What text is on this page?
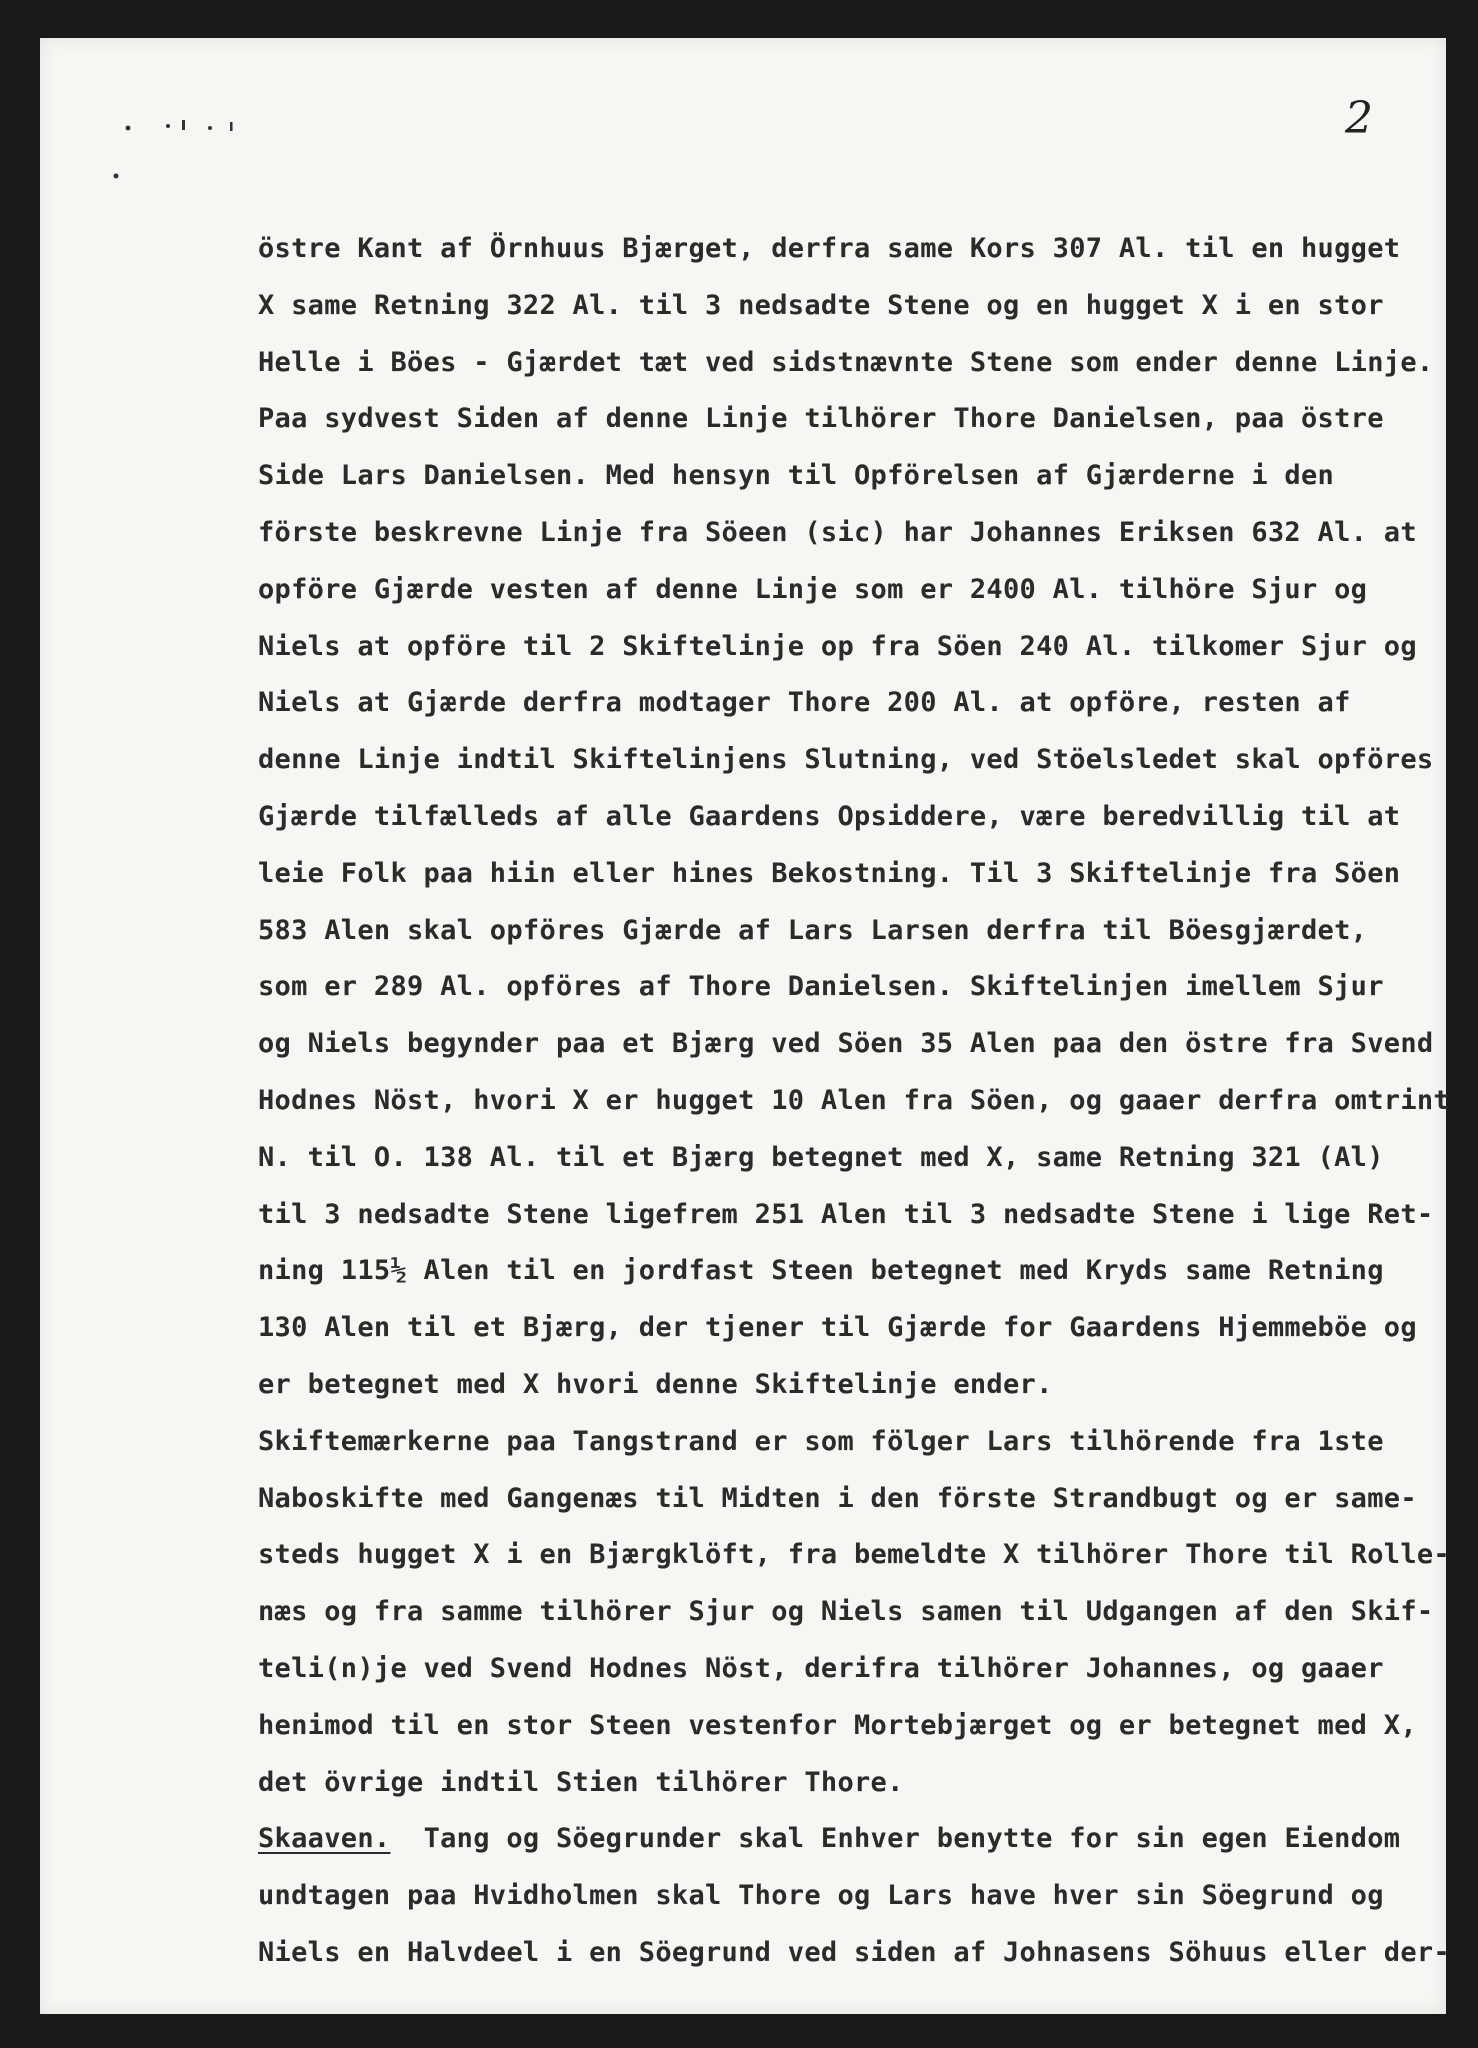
2
östre Kant af Örnhuus Bjærget, derfra same Kors 307 Al. til en hugget
X same Retning 322 Al. til 3 nedsadte Stene og en hugget X i en stor
Helle i Böes - Gjærdet tæt ved sidstnævnte Stene som ender denne Linje.
Paa sydvest Siden af denne Linje tilhörer Thore Danielsen, paa östre
Side Lars Danielsen. Med hensyn til Opförelsen af Gjærderne i den
förste beskrevne Linje fra Söeen (sic) har Johannes Eriksen 632 Al. at
opföre Gjærde vesten af denne Linje som er 2400 Al. tilhöre Sjur og
Niels at opföre til 2 Skiftelinje op fra Söen 240 Al. tilkomer Sjur og
Niels at Gjærde derfra modtager Thore 200 Al. at opföre, resten af
denne Linje indtil Skiftelinjens Slutning, ved Stöelsledet skal opföres
Gjærde tilfælleds af alle Gaardens Opsiddere, være beredvillig til at
leie Folk paa hiin eller hines Bekostning. Til 3 Skiftelinje fra Söen
583 Alen skal opföres Gjærde af Lars Larsen derfra til Böesgjærdet,
som er 289 Al. opföres af Thore Danielsen. Skiftelinjen imellem Sjur
og Niels begynder paa et Bjærg ved Söen 35 Alen paa den östre fra Svend
Hodnes Nöst, hvori X er hugget 10 Alen fra Söen, og gaaer derfra omtrint
N. til O. 138 Al. til et Bjærg betegnet med X, same Retning 321 (Al)
til 3 nedsadte Stene ligefrem 251 Alen til 3 nedsadte Stene i lige Ret-
ning 115½ Alen til en jordfast Steen betegnet med Kryds same Retning
130 Alen til et Bjærg, der tjener til Gjærde for Gaardens Hjemmeböe og
er betegnet med X hvori denne Skiftelinje ender.
Skiftemærkerne paa Tangstrand er som fölger Lars tilhörende fra 1ste
Naboskifte med Gangenæs til Midten i den förste Strandbugt og er same-
steds hugget X i en Bjærgklöft, fra bemeldte X tilhörer Thore til Rolle-
næs og fra samme tilhörer Sjur og Niels samen til Udgangen af den Skif-
teli(n)je ved Svend Hodnes Nöst, derifra tilhörer Johannes, og gaaer
henimod til en stor Steen vestenfor Mortebjærget og er betegnet med X,
det övrige indtil Stien tilhörer Thore.
Skaaven.  Tang og Söegrunder skal Enhver benytte for sin egen Eiendom
undtagen paa Hvidholmen skal Thore og Lars have hver sin Söegrund og
Niels en Halvdeel i en Söegrund ved siden af Johnasens Söhuus eller der-
